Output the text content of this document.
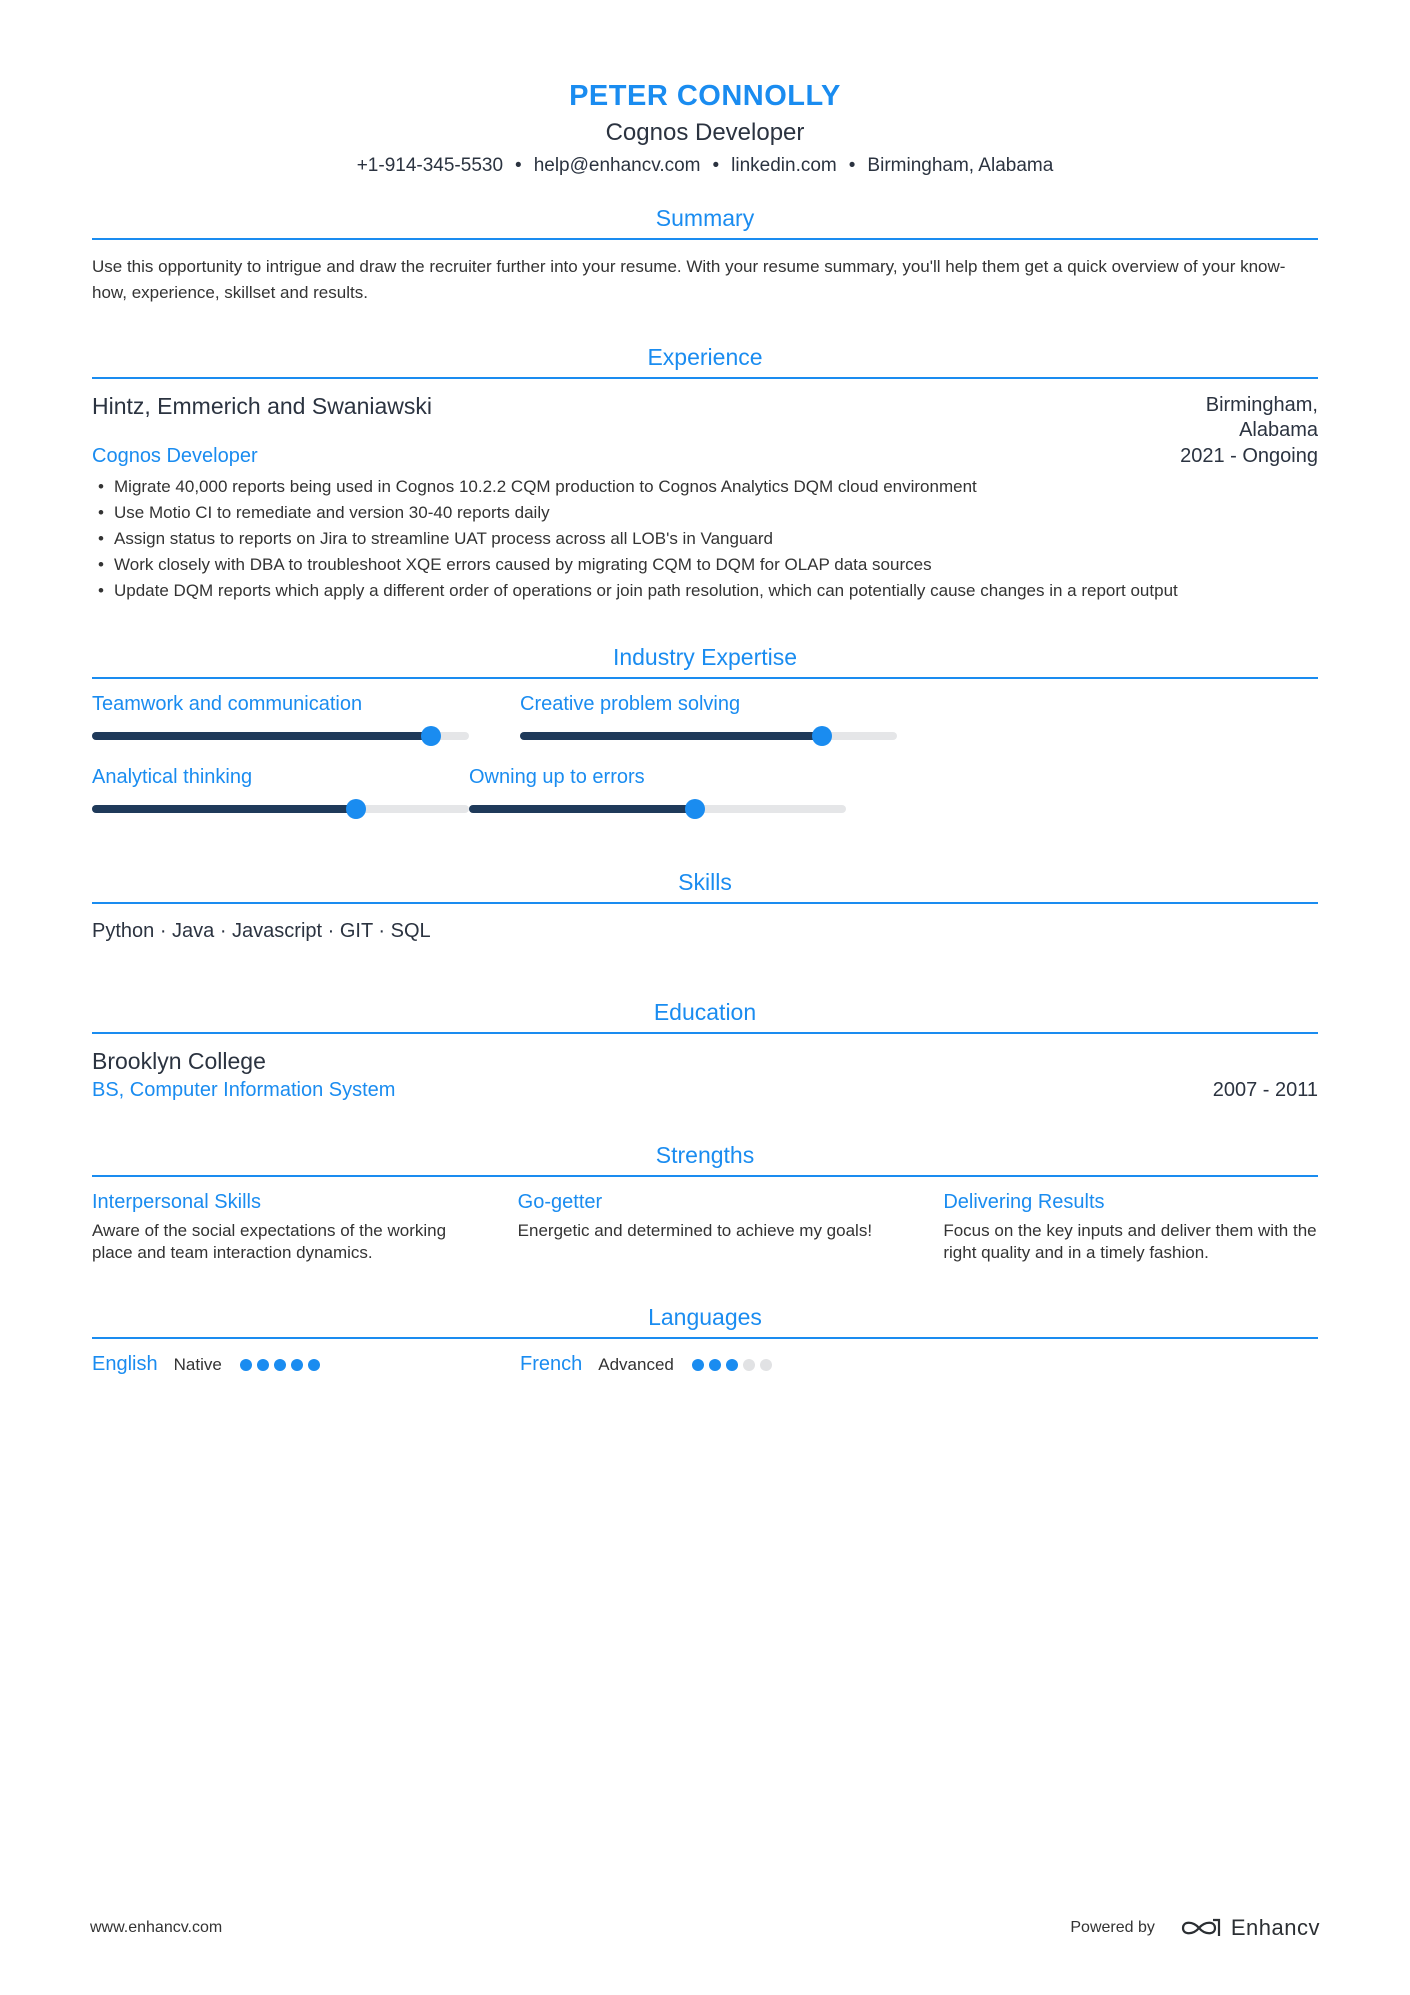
PETER CONNOLLY
Cognos Developer
+1-914-345-5530 • help@enhancv.com • linkedin.com • Birmingham, Alabama
Summary
Use this opportunity to intrigue and draw the recruiter further into your resume. With your resume summary, you'll help them get a quick overview of your know-how, experience, skillset and results.
Experience
Hintz, Emmerich and Swaniawski	Birmingham,
Alabama
Cognos Developer	2021 - Ongoing
• Migrate 40,000 reports being used in Cognos 10.2.2 CQM production to Cognos Analytics DQM cloud environment
• Use Motio CI to remediate and version 30-40 reports daily
• Assign status to reports on Jira to streamline UAT process across all LOB's in Vanguard
• Work closely with DBA to troubleshoot XQE errors caused by migrating CQM to DQM for OLAP data sources
• Update DQM reports which apply a different order of operations or join path resolution, which can potentially cause changes in a report output
Industry Expertise
Teamwork and communication	Creative problem solving
Analytical thinking	Owning up to errors
Skills
Python · Java · Javascript · GIT · SQL
Education
Brooklyn College
BS, Computer Information System	2007 - 2011
Strengths
Interpersonal Skills
Aware of the social expectations of the working place and team interaction dynamics.
Go-getter
Energetic and determined to achieve my goals!
Delivering Results
Focus on the key inputs and deliver them with the right quality and in a timely fashion.
Languages
English Native	French Advanced
www.enhancv.com	Powered by	Enhancv
